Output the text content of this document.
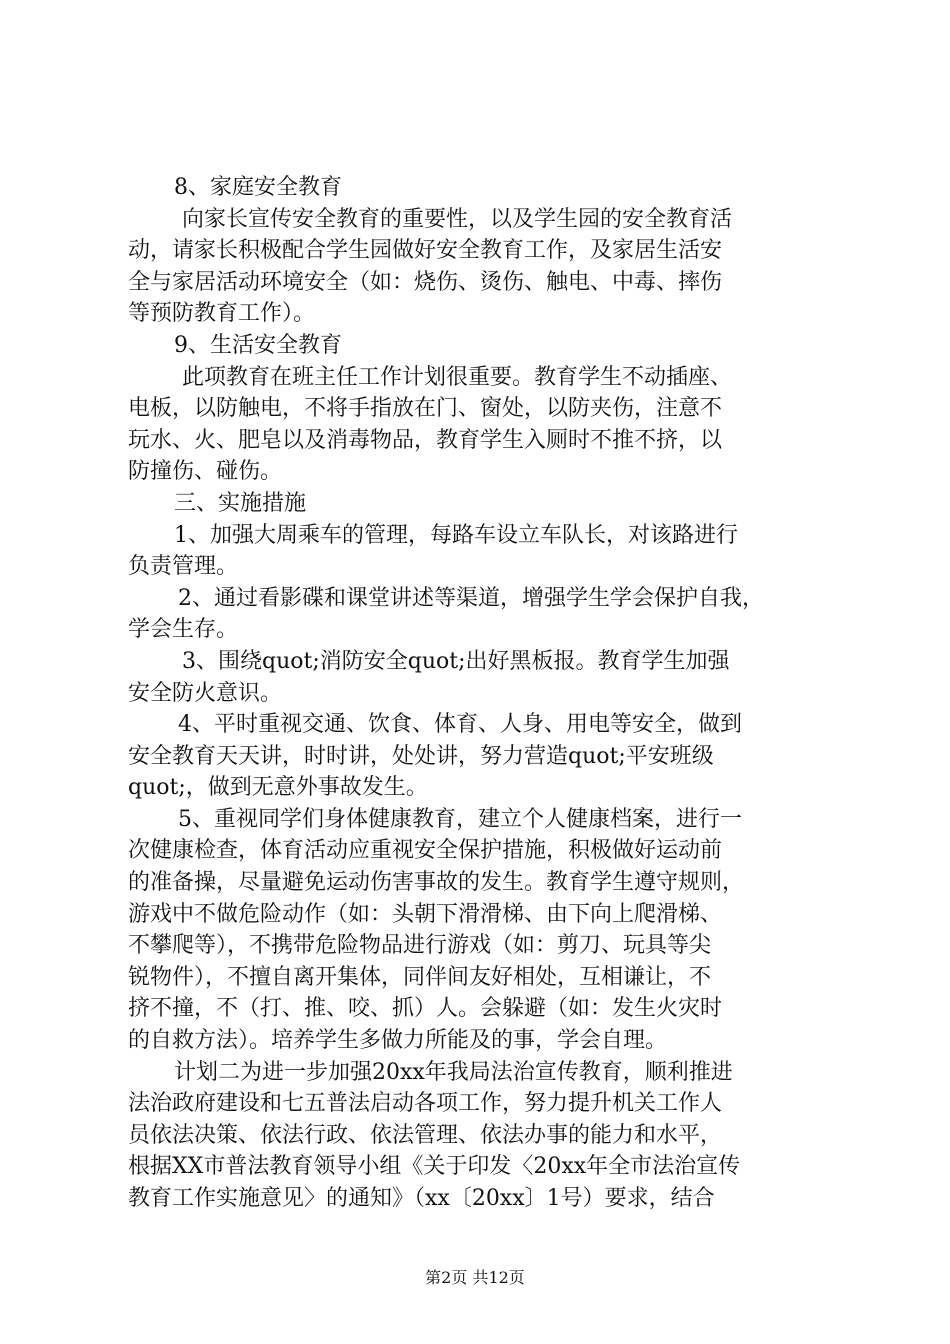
8、家庭安全教育
向家长宣传安全教育的重要性，以及学生园的安全教育活
动，请家长积极配合学生园做好安全教育工作，及家居生活安
全与家居活动环境安全（如：烧伤、烫伤、触电、中毒、摔伤
等预防教育工作）。
9、生活安全教育
此项教育在班主任工作计划很重要。教育学生不动插座、
电板，以防触电，不将手指放在门、窗处，以防夹伤，注意不
玩水、火、肥皂以及消毒物品，教育学生入厕时不推不挤，以
防撞伤、碰伤。
三、实施措施
1、加强大周乘车的管理，每路车设立车队长，对该路进行
负责管理。
2、通过看影碟和课堂讲述等渠道，增强学生学会保护自我，
学会生存。
3、围绕quot;消防安全quot;出好黑板报。教育学生加强
安全防火意识。
4、平时重视交通、饮食、体育、人身、用电等安全，做到
安全教育天天讲，时时讲，处处讲，努力营造quot;平安班级
quot;，做到无意外事故发生。
5、重视同学们身体健康教育，建立个人健康档案，进行一
次健康检查，体育活动应重视安全保护措施，积极做好运动前
的准备操，尽量避免运动伤害事故的发生。教育学生遵守规则，
游戏中不做危险动作（如：头朝下滑滑梯、由下向上爬滑梯、
不攀爬等），不携带危险物品进行游戏（如：剪刀、玩具等尖
锐物件），不擅自离开集体，同伴间友好相处，互相谦让，不
挤不撞，不（打、推、咬、抓）人。会躲避（如：发生火灾时
的自救方法）。培养学生多做力所能及的事，学会自理。
计划二为进一步加强20xx年我局法治宣传教育，顺利推进
法治政府建设和七五普法启动各项工作，努力提升机关工作人
员依法决策、依法行政、依法管理、依法办事的能力和水平，
根据XX市普法教育领导小组《关于印发〈20xx年全市法治宣传
教育工作实施意见〉的通知》（xx〔20xx〕1号）要求，结合
第2页 共12页
